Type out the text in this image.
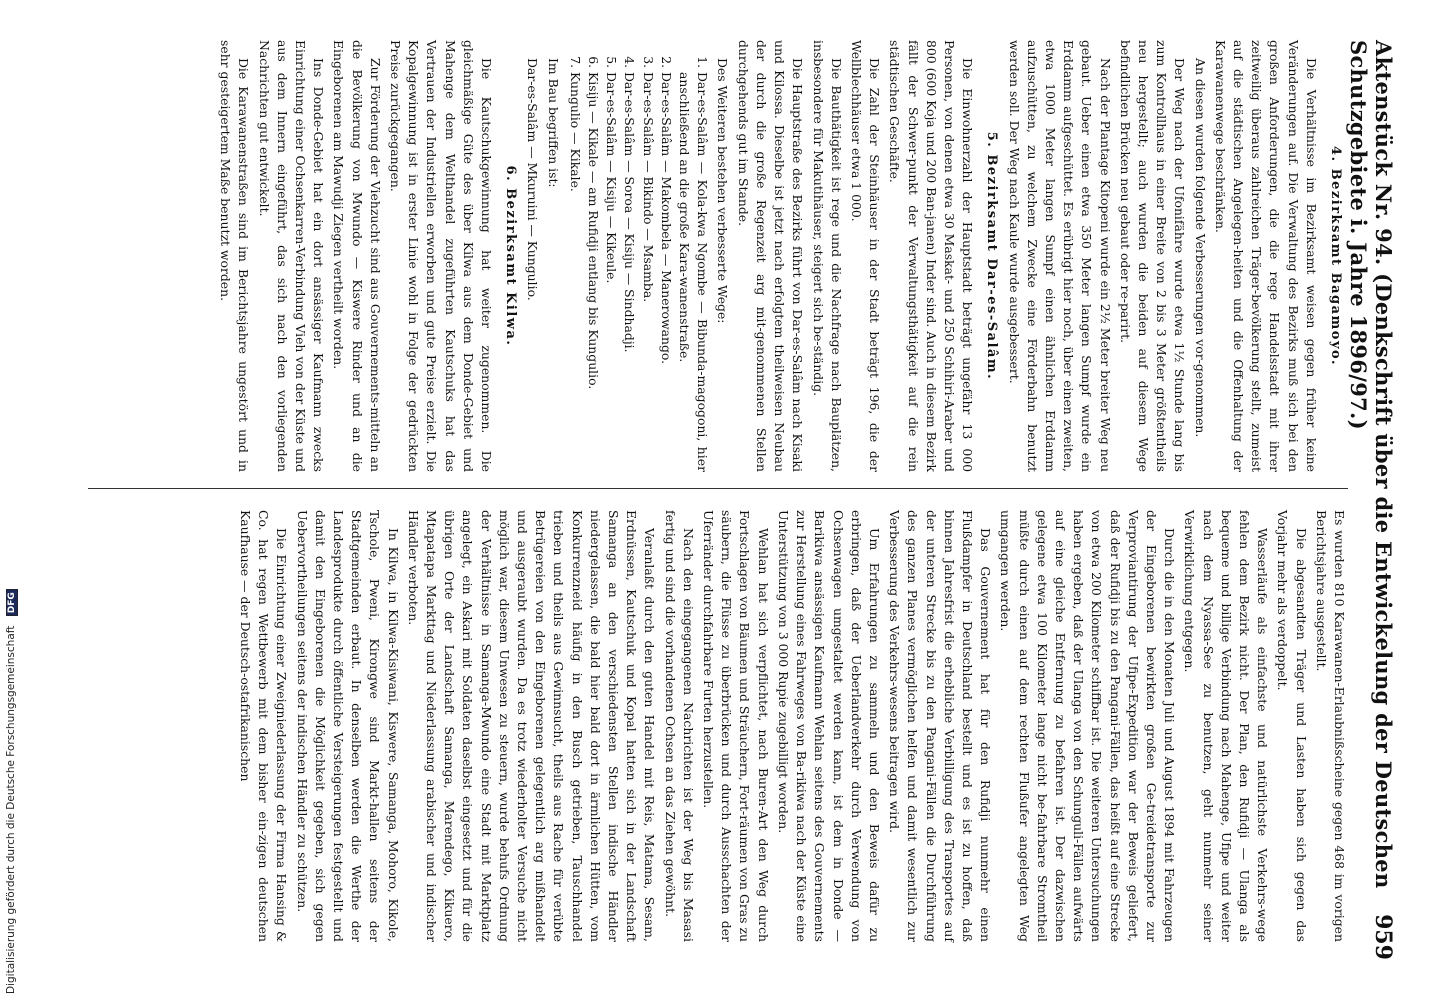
Aktenstück Nr. 94. (Denkschrift über die Entwickelung der Deutschen Schutzgebiete i. Jahre 1896/97.)
959
4. Bezirksamt Bagamoyo.

Die Verhältnisse im Bezirksamt weisen gegen früher keine Veränderungen auf. Die Verwaltung des Bezirks muß sich bei den großen Anforderungen, die die rege Handelsstadt mit ihrer zeitweilig überaus zahlreichen Träger-bevölkerung stellt, zumeist auf die städtischen Angelegen-heiten und die Offenhaltung der Karawanenwege beschränken.

An diesen wurden folgende Verbesserungen vor-genommen.

Der Weg nach der Ufonifähre wurde etwa 1½ Stunde lang bis zum Kontrollhaus in einer Breite von 2 bis 3 Meter größtentheils neu hergestellt; auch wurden die beiden auf diesem Wege befindlichen Brücken neu gebaut oder re-parirt.

Nach der Plantage Kitopeni wurde ein 2½ Meter breiter Weg neu gebaut. Ueber einen etwa 350 Meter langen Sumpf wurde ein Erddamm aufgeschüttet. Es erübrigt hier noch, über einen zweiten, etwa 1000 Meter langen Sumpf einen ähnlichen Erddamm aufzuschütten, zu welchem Zwecke eine Förderbahn benutzt werden soll. Der Weg nach Kaule wurde ausgebessert.

5. Bezirksamt Dar-es-Salâm.

Die Einwohnerzahl der Hauptstadt beträgt ungefähr 13 000 Personen, von denen etwa 30 Maskat- und 250 Schihiri-Araber und 800 (600 Koja und 200 Ban-janen) Inder sind. Auch in diesem Bezirk fällt der Schwer-punkt der Verwaltungsthätigkeit auf die rein städtischen Geschäfte.

Die Zahl der Steinhäuser in der Stadt beträgt 196, die der Wellblechhäuser etwa 1 000.

Die Bauthätigkeit ist rege und die Nachfrage nach Bauplätzen, insbesondere für Makutihäuser, steigert sich be-ständig.

Die Hauptstraße des Bezirks führt von Dar-es-Salâm nach Kisaki und Kilossa. Dieselbe ist jetzt nach erfolgtem theilweisen Neubau der durch die große Regenzeit arg mit-genommenen Stellen durchgehends gut im Stande.

Des Weiteren bestehen verbesserte Wege:

1. Dar-es-Salâm — Kola-kwa Ngombe — Bibunda-magogoni, hier anschließend an die große Kara-wanenstraße.
2. Dar-es-Salâm — Makombela — Manerowango.
3. Dar-es-Salâm — Bikindo — Msamba.
4. Dar-es-Salâm — Soroa — Kisiju — Sindhadji.
5. Dar-es-Salâm — Kisiju — Kikeule.
6. Kisiju — Kikale — am Rufidji entlang bis Kungulio.
7. Kungulio — Kikale.

Im Bau begriffen ist:

Dar-es-Salâm — Mkuruini — Kungulio.

6. Bezirksamt Kilwa.

Die Kautschukgewinnung hat weiter zugenommen. Die gleichmäßige Güte des über Kilwa aus dem Donde-Gebiet und Mahenge dem Welthandel zugeführten Kautschuks hat das Vertrauen der Industriellen erworben und gute Preise erzielt. Die Kopalgewinnung ist in erster Linie wohl in Folge der gedrückten Preise zurückgegangen.

Zur Förderung der Viehzucht sind aus Gouvernements-mitteln an die Bevölkerung von Mwundo — Kiswere Rinder und an die Eingeborenen am Mawudji Ziegen vertheilt worden.

Ins Donde-Gebiet hat ein dort ansässiger Kaufmann zwecks Einrichtung einer Ochsenkarren-Verbindung Vieh von der Küste und aus dem Innern eingeführt, das sich nach den vorliegenden Nachrichten gut entwickelt.

Die Karawanenstraßen sind im Berichtsjahre ungestört und in sehr gesteigertem Maße benutzt worden.

Es wurden 810 Karawanen-Erlaubnißscheine gegen 468 im vorigen Berichtsjahre ausgestellt.

Die abgesandten Träger und Lasten haben sich gegen das Vorjahr mehr als verdoppelt.

Wasserläufe als einfachste und natürlichste Verkehrs-wege fehlen dem Bezirk nicht. Der Plan, den Rufidji — Ulanga als bequeme und billige Verbindung nach Mahenge, Ufipe und weiter nach dem Nyassa-See zu benutzen, geht nunmehr seiner Verwirklichung entgegen.

Durch die in den Monaten Juli und August 1894 mit Fahrzeugen der Eingeborenen bewirkten großen Ge-treidetransporte zur Verproviantirung der Ufipe-Expedition war der Beweis geliefert, daß der Rufidji bis zu den Pangani-Fällen, das heißt auf eine Strecke von etwa 200 Kilometer schiffbar ist. Die weiteren Untersuchungen haben ergeben, daß der Ulanga von den Schunguli-Fällen aufwärts auf eine gleiche Entfernung zu befahren ist. Der dazwischen gelegene etwa 100 Kilometer lange nicht be-fahrbare Stromtheil müßte durch einen auf dem rechten Flußufer angelegten Weg umgangen werden.

Das Gouvernement hat für den Rufidji nunmehr einen Flußdampfer in Deutschland bestellt und es ist zu hoffen, daß binnen Jahresfrist die erhebliche Verbilligung des Transportes auf der unteren Strecke bis zu den Pangani-Fällen die Durchführung des ganzen Planes vermöglichen helfen und damit wesentlich zur Verbesserung des Verkehrs-wesens beitragen wird.

Um Erfahrungen zu sammeln und den Beweis dafür zu erbringen, daß der Ueberlandverkehr durch Verwendung von Ochsenwagen umgestaltet werden kann, ist dem in Donde — Barikiwa ansässigen Kaufmann Wehlan seitens des Gouvernements zur Herstellung eines Fahrweges von Ba-rikiwa nach der Küste eine Unterstützung von 3 000 Rupie zugebilligt worden.

Wehlan hat sich verpflichtet, nach Buren-Art den Weg durch Fortschlagen von Bäumen und Sträuchern, Fort-räumen von Gras zu säubern, die Flüsse zu überbrücken und durch Ausschachten der Uferränder durchfahrbare Furten herzustellen.

Nach den eingegangenen Nachrichten ist der Weg bis Masasi fertig und sind die vorhandenen Ochsen an das Ziehen gewöhnt.

Veranlaßt durch den guten Handel mit Reis, Matama, Sesam, Erdnüssen, Kautschuk und Kopal hatten sich in der Landschaft Samanga an den verschiedensten Stellen indische Händler niedergelassen, die bald hier bald dort in ärmlichen Hütten, vom Konkurrenzneid häufig in den Busch getrieben, Tauschhandel trieben und theils aus Gewinnsucht, theils aus Rache für verübte Betrügereien von den Eingeborenen gelegentlich arg mißhandelt und ausgeraubt wurden. Da es trotz wiederholter Versuche nicht möglich war, diesem Unwesen zu steuern, wurde behufs Ordnung der Verhältnisse in Samanga-Mwundo eine Stadt mit Marktplatz angelegt, ein Askari mit Soldaten daselbst eingesetzt und für die übrigen Orte der Landschaft Samanga, Marendego, Kikuero, Mtapatapa Markttag und Niederlassung arabischer und indischer Händler verboten.

In Kilwa, in Kilwa-Kisiwani, Kiswere, Samanga, Mohoro, Kikole, Tschole, Pweni, Kirongwe sind Markt-hallen seitens der Stadtgemeinden erbaut. In denselben werden die Werthe der Landesprodukte durch öffentliche Versteigerungen festgestellt und damit den Eingeborenen die Möglichkeit gegeben, sich gegen Uebervortheilungen seitens der indischen Händler zu schützen.

Die Einrichtung einer Zweigniederlassung der Firma Hansing & Co. hat regen Wettbewerb mit dem bisher ein-zigen deutschen Kaufhause — der Deutsch-ostafrikanischen

Digitalisierung gefördert durch die Deutsche Forschungsgemeinschaft DFG
